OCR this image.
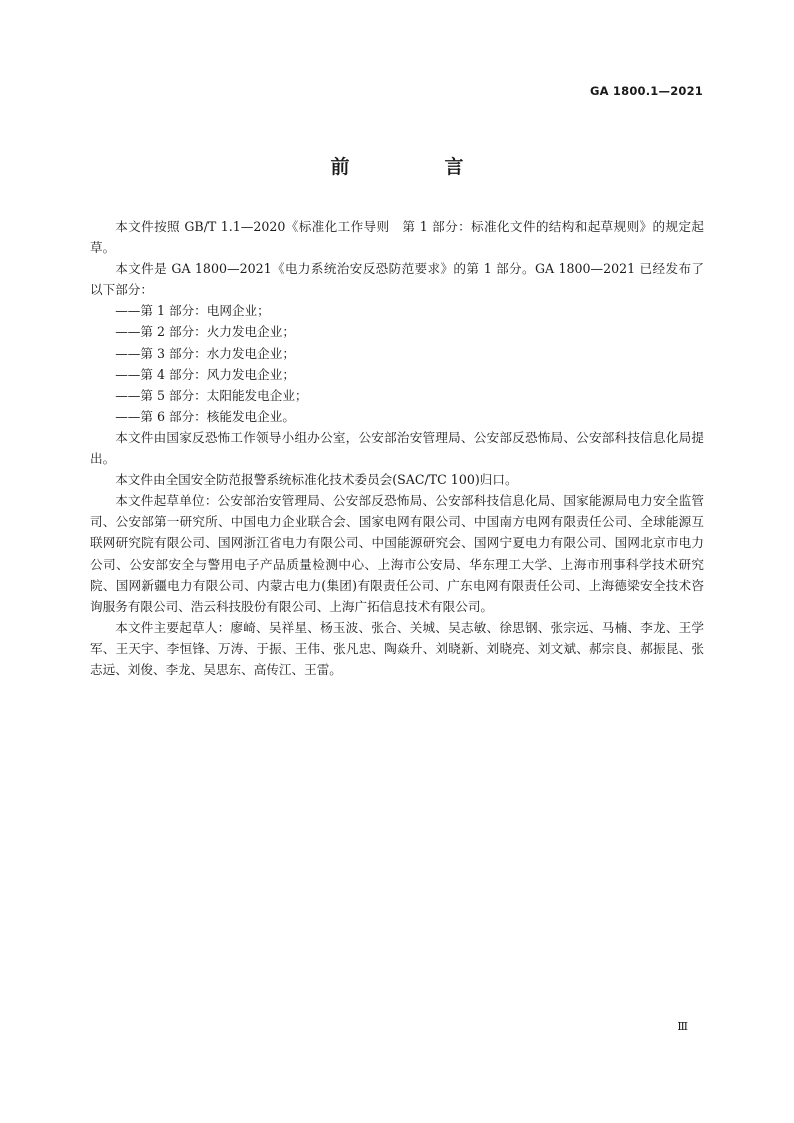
GA 1800.1—2021
前　言

本文件按照 GB/T 1.1—2020《标准化工作导则　第 1 部分：标准化文件的结构和起草规则》的规定起草。

本文件是 GA 1800—2021《电力系统治安反恐防范要求》的第 1 部分。GA 1800—2021 已经发布了以下部分：

——第 1 部分：电网企业；

——第 2 部分：火力发电企业；

——第 3 部分：水力发电企业；

——第 4 部分：风力发电企业；

——第 5 部分：太阳能发电企业；

——第 6 部分：核能发电企业。

本文件由国家反恐怖工作领导小组办公室，公安部治安管理局、公安部反恐怖局、公安部科技信息化局提出。

本文件由全国安全防范报警系统标准化技术委员会(SAC/TC 100)归口。

本文件起草单位：公安部治安管理局、公安部反恐怖局、公安部科技信息化局、国家能源局电力安全监管司、公安部第一研究所、中国电力企业联合会、国家电网有限公司、中国南方电网有限责任公司、全球能源互联网研究院有限公司、国网浙江省电力有限公司、中国能源研究会、国网宁夏电力有限公司、国网北京市电力公司、公安部安全与警用电子产品质量检测中心、上海市公安局、华东理工大学、上海市刑事科学技术研究院、国网新疆电力有限公司、内蒙古电力(集团)有限责任公司、广东电网有限责任公司、上海德梁安全技术咨询服务有限公司、浩云科技股份有限公司、上海广拓信息技术有限公司。

本文件主要起草人：廖崎、吴祥星、杨玉波、张合、关城、吴志敏、徐思钢、张宗远、马楠、李龙、王学军、王天宇、李恒锋、万涛、于振、王伟、张凡忠、陶焱升、刘晓新、刘晓亮、刘文斌、郝宗良、郝振昆、张志远、刘俊、李龙、吴思东、高传江、王雷。

Ⅲ
